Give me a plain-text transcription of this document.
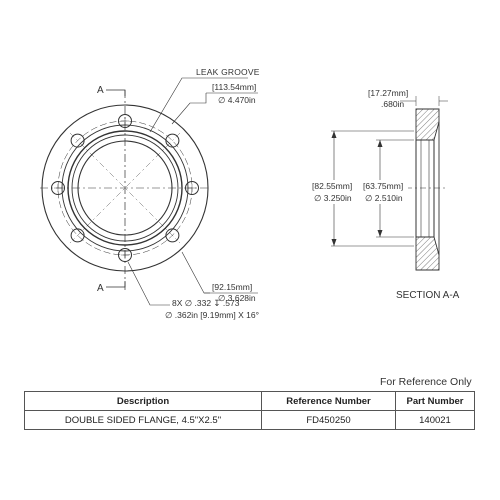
LEAK GROOVE
A
A
[113.54mm]
∅ 4.470in
[92.15mm]
∅ 3.628in
8X ∅ .332 ↧ .573
∅ .362in [9.19mm] X 16°
[17.27mm]
.680in
[82.55mm]
∅ 3.250in
[63.75mm]
∅ 2.510in
SECTION A-A
For Reference Only
Description	Reference Number	Part Number
DOUBLE SIDED FLANGE, 4.5"X2.5"	FD450250	140021
